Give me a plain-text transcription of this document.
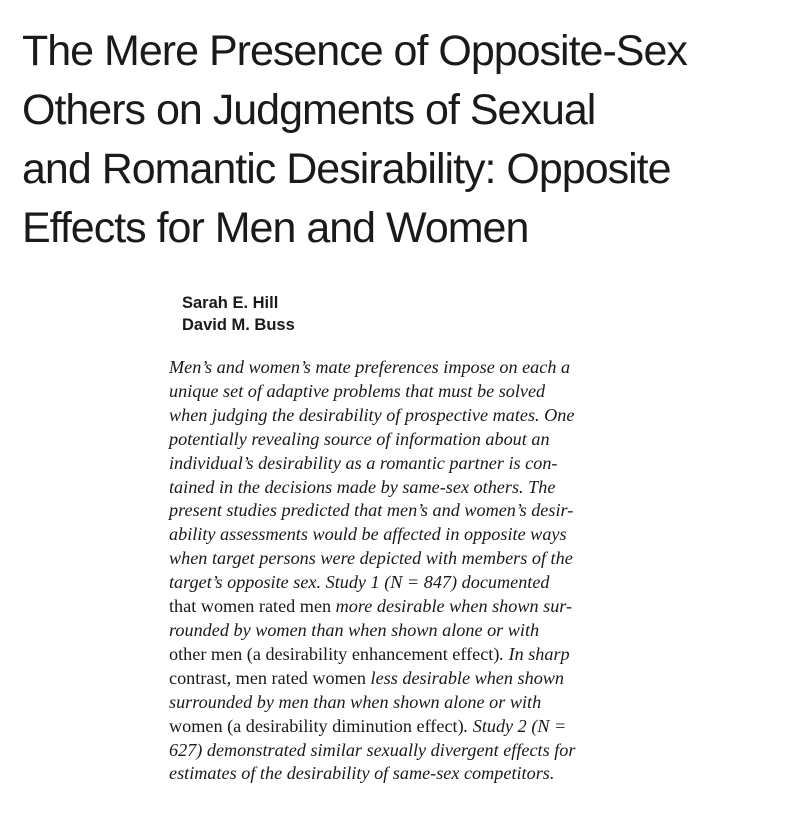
The Mere Presence of Opposite-Sex
Others on Judgments of Sexual
and Romantic Desirability: Opposite
Effects for Men and Women
Sarah E. Hill
David M. Buss
Men’s and women’s mate preferences impose on each a
unique set of adaptive problems that must be solved
when judging the desirability of prospective mates. One
potentially revealing source of information about an
individual’s desirability as a romantic partner is con-
tained in the decisions made by same-sex others. The
present studies predicted that men’s and women’s desir-
ability assessments would be affected in opposite ways
when target persons were depicted with members of the
target’s opposite sex. Study 1 (N = 847) documented
that women rated men more desirable when shown sur-
rounded by women than when shown alone or with
other men (a desirability enhancement effect). In sharp
contrast, men rated women less desirable when shown
surrounded by men than when shown alone or with
women (a desirability diminution effect). Study 2 (N =
627) demonstrated similar sexually divergent effects for
estimates of the desirability of same-sex competitors.
